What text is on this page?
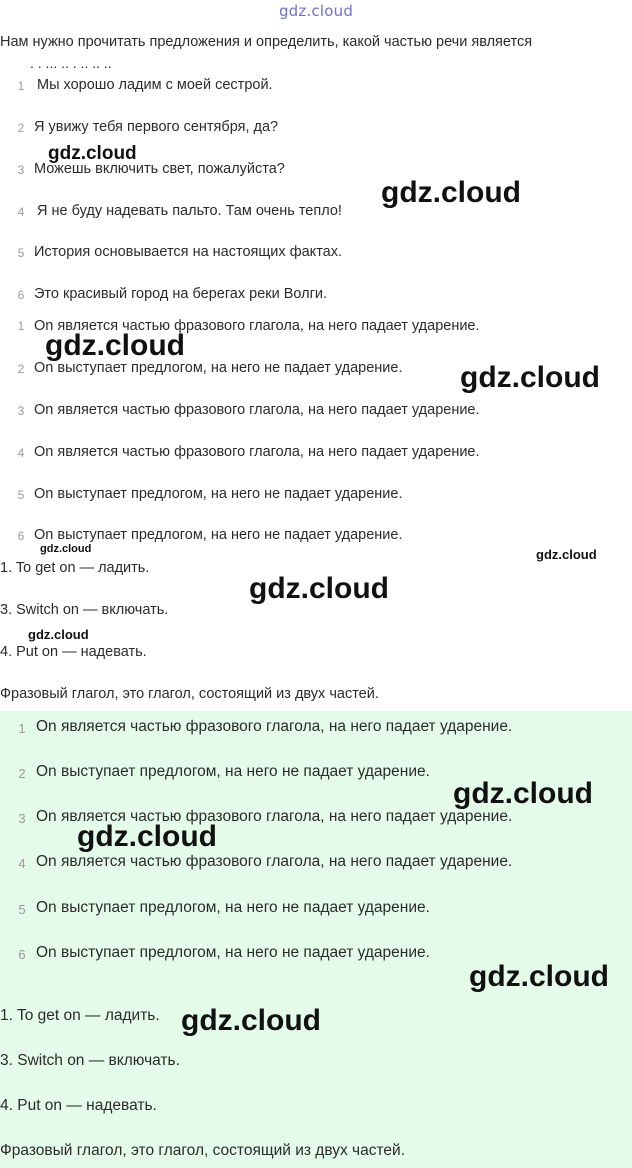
gdz.cloud
Нам нужно прочитать предложения и определить, какой частью речи является
. . ... .. . .. .. ..
1 Мы хорошо ладим с моей сестрой.
2 Я увижу тебя первого сентября, да?
3 Можешь включить свет, пожалуйста?
4 Я не буду надевать пальто. Там очень тепло!
5 История основывается на настоящих фактах.
6 Это красивый город на берегах реки Волги.
1 On является частью фразового глагола, на него падает ударение.
2 On выступает предлогом, на него не падает ударение.
3 On является частью фразового глагола, на него падает ударение.
4 On является частью фразового глагола, на него падает ударение.
5 On выступает предлогом, на него не падает ударение.
6 On выступает предлогом, на него не падает ударение.
1. To get on — ладить.
3. Switch on — включать.
4. Put on — надевать.
Фразовый глагол, это глагол, состоящий из двух частей.
1 On является частью фразового глагола, на него падает ударение.
2 On выступает предлогом, на него не падает ударение.
3 On является частью фразового глагола, на него падает ударение.
4 On является частью фразового глагола, на него падает ударение.
5 On выступает предлогом, на него не падает ударение.
6 On выступает предлогом, на него не падает ударение.
1. To get on — ладить.
3. Switch on — включать.
4. Put on — надевать.
Фразовый глагол, это глагол, состоящий из двух частей.
gdz.cloud
gdz.cloud
gdz.cloud
gdz.cloud
gdz.cloud	gdz.cloud
gdz.cloud
gdz.cloud
gdz.cloud
gdz.cloud
gdz.cloud
gdz.cloud
